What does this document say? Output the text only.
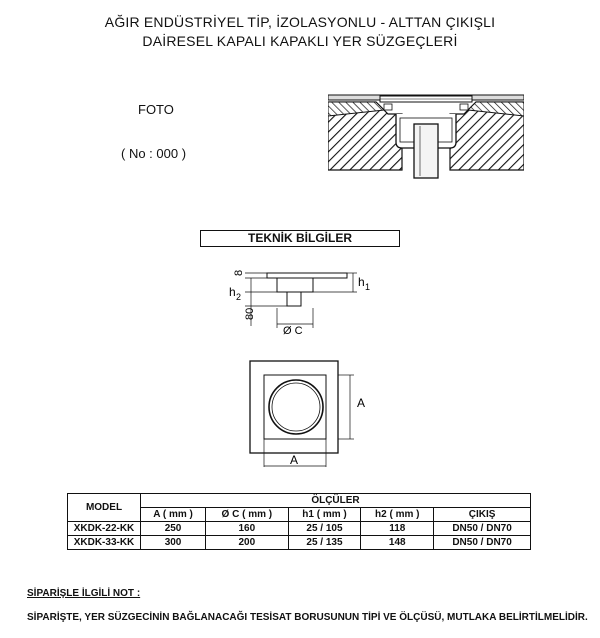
AĞIR ENDÜSTRİYEL TİP, İZOLASYONLU - ALTTAN ÇIKIŞLI
DAİRESEL KAPALI KAPAKLI YER SÜZGEÇLERİ
FOTO
( No : 000 )
TEKNİK BİLGİLER
8
h 1
h 2
80
Ø C
A
A
MODEL	ÖLÇÜLER				
	A ( mm )	Ø C ( mm )	h1 ( mm )	h2 ( mm )	ÇIKIŞ
XKDK-22-KK	250	160	25 / 105	118	DN50 / DN70
XKDK-33-KK	300	200	25 / 135	148	DN50 / DN70
SİPARİŞLE İLGİLİ NOT :
SİPARİŞTE, YER SÜZGECİNİN BAĞLANACAĞI TESİSAT BORUSUNUN TİPİ VE ÖLÇÜSÜ, MUTLAKA BELİRTİLMELİDİR.
